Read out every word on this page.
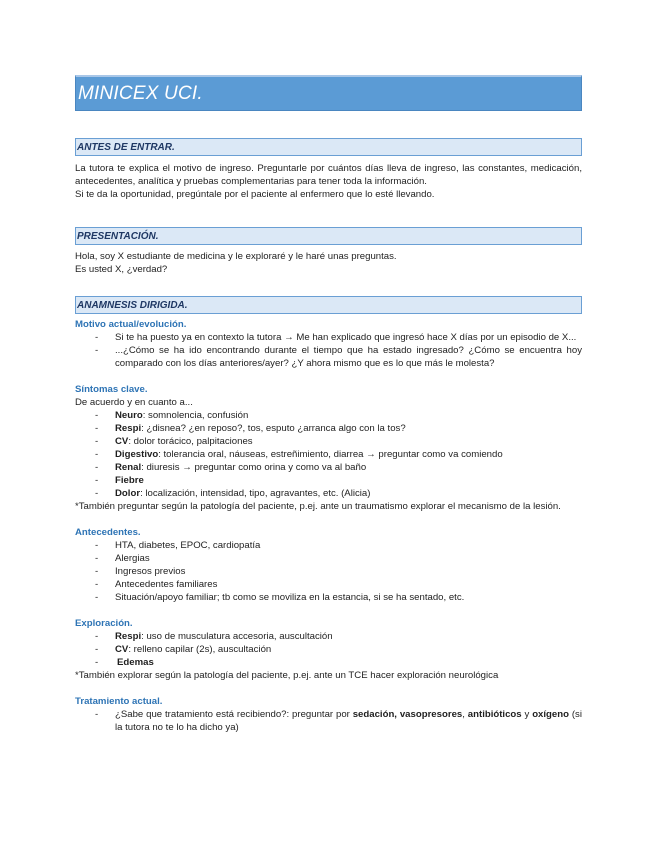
MINICEX UCI.
ANTES DE ENTRAR.

La tutora te explica el motivo de ingreso. Preguntarle por cuántos días lleva de ingreso, las constantes, medicación, antecedentes, analítica y pruebas complementarias para tener toda la información.

Si te da la oportunidad, pregúntale por el paciente al enfermero que lo esté llevando.

PRESENTACIÓN.

Hola, soy X estudiante de medicina y le exploraré y le haré unas preguntas.

Es usted X, ¿verdad?

ANAMNESIS DIRIGIDA.
Motivo actual/evolución.
- Si te ha puesto ya en contexto la tutora → Me han explicado que ingresó hace X días por un episodio de X...
- ...¿Cómo se ha ido encontrando durante el tiempo que ha estado ingresado? ¿Cómo se encuentra hoy comparado con los días anteriores/ayer? ¿Y ahora mismo que es lo que más le molesta?
Síntomas clave.

De acuerdo y en cuanto a...

- Neuro: somnolencia, confusión
- Respi: ¿disnea? ¿en reposo?, tos, esputo ¿arranca algo con la tos?
- CV: dolor torácico, palpitaciones
- Digestivo: tolerancia oral, náuseas, estreñimiento, diarrea → preguntar como va comiendo
- Renal: diuresis → preguntar como orina y como va al baño
- Fiebre
- Dolor: localización, intensidad, tipo, agravantes, etc. (Alicia)

*También preguntar según la patología del paciente, p.ej. ante un traumatismo explorar el mecanismo de la lesión.

Antecedentes.
- HTA, diabetes, EPOC, cardiopatía
- Alergias
- Ingresos previos
- Antecedentes familiares
- Situación/apoyo familiar; tb como se moviliza en la estancia, si se ha sentado, etc.
Exploración.
- Respi: uso de musculatura accesoria, auscultación
- CV: relleno capilar (2s), auscultación
- Edemas

*También explorar según la patología del paciente, p.ej. ante un TCE hacer exploración neurológica

Tratamiento actual.
- ¿Sabe que tratamiento está recibiendo?: preguntar por sedación, vasopresores, antibióticos y oxígeno (si la tutora no te lo ha dicho ya)
